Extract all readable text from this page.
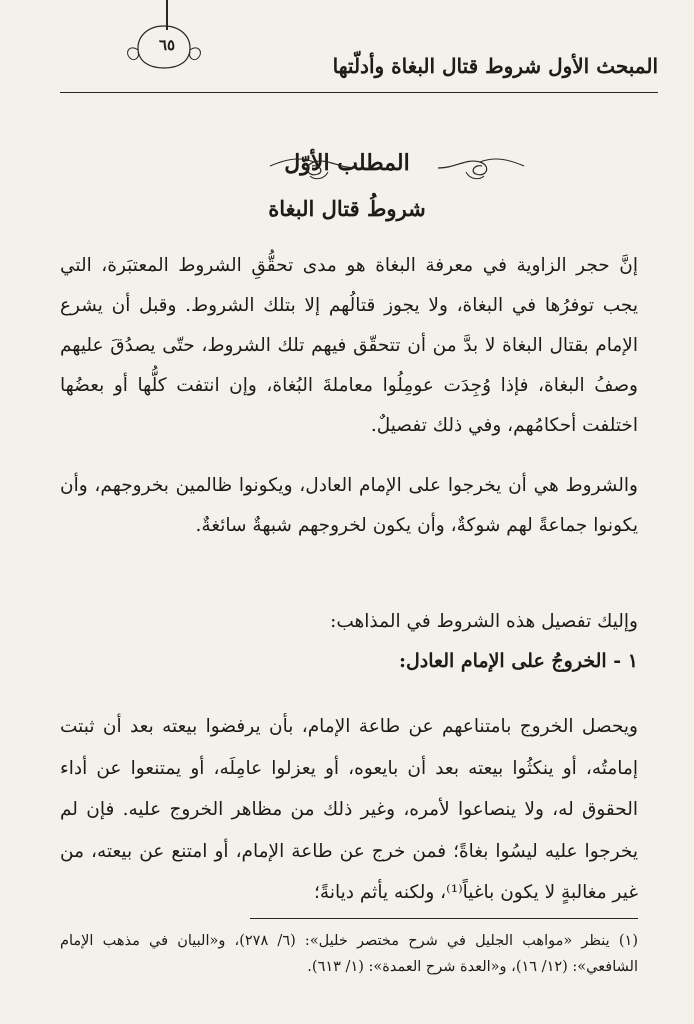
المبحث الأول شروط قتال البغاة وأدلّتها
٦٥
المطلب الأوّل
شروطُ قتال البغاة
إنَّ حجر الزاوية في معرفة البغاة هو مدى تحقُّقِ الشروط المعتبَرة، التي يجب توفرُها في البغاة، ولا يجوز قتالُهم إلا بتلك الشروط. وقبل أن يشرع الإمام بقتال البغاة لا بدَّ من أن تتحقّق فيهم تلك الشروط، حتّى يصدُقَ عليهم وصفُ البغاة، فإذا وُجِدَت عومِلُوا معاملةَ البُغاة، وإن انتفت كلُّها أو بعضُها اختلفت أحكامُهم، وفي ذلك تفصيلٌ.
والشروط هي أن يخرجوا على الإمام العادل، ويكونوا ظالمين بخروجهم، وأن يكونوا جماعةً لهم شوكةٌ، وأن يكون لخروجهم شبهةٌ سائغةٌ.
وإليك تفصيل هذه الشروط في المذاهب:
١ - الخروجُ على الإمام العادل:
ويحصل الخروج بامتناعهم عن طاعة الإمام، بأن يرفضوا بيعته بعد أن ثبتت إمامتُه، أو ينكثُوا بيعته بعد أن بايعوه، أو يعزلوا عامِلَه، أو يمتنعوا عن أداء الحقوق له، ولا ينصاعوا لأمره، وغير ذلك من مظاهر الخروج عليه. فإن لم يخرجوا عليه ليسُوا بغاةً؛ فمن خرج عن طاعة الإمام، أو امتنع عن بيعته، من غير مغالبةٍ لا يكون باغياً⁽¹⁾، ولكنه يأثم ديانةً؛
(١) ينظر «مواهب الجليل في شرح مختصر خليل»: (٦/ ٢٧٨)، و«البيان في مذهب الإمام الشافعي»: (١٢/ ١٦)، و«العدة شرح العمدة»: (١/ ٦١٣).
